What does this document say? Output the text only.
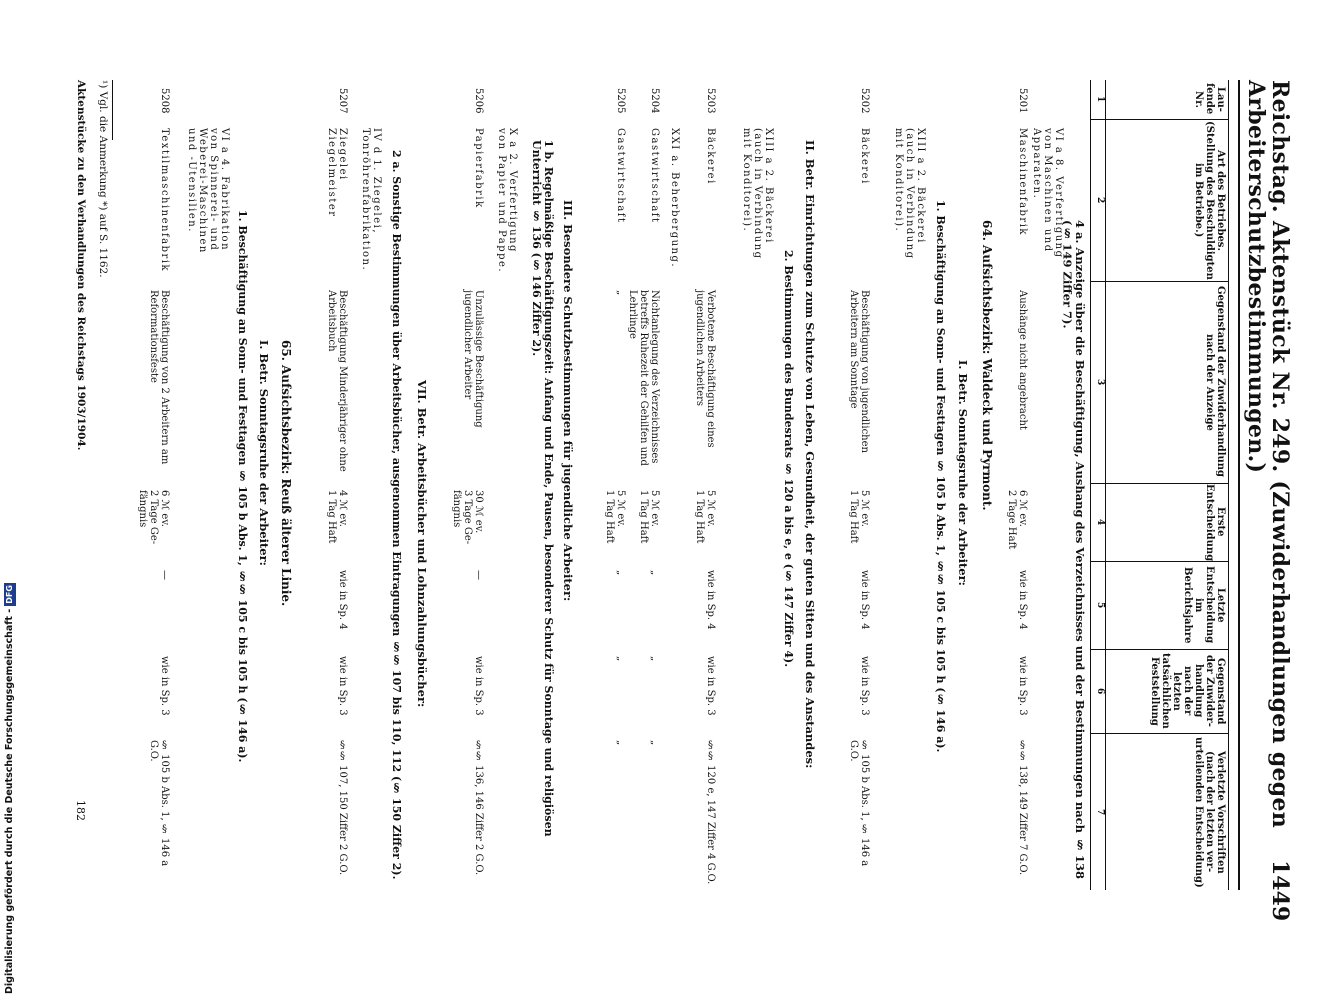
Reichstag. Aktenstück Nr. 249. (Zuwiderhandlungen gegen Arbeiterschutzbestimmungen.)
1449
Lau-
fende
Nr.
1
Art des Betriebes.
(Stellung des Beschuldigten
im Betriebe.)
2
Gegenstand der Zuwiderhandlung
nach der Anzeige
3
Erste
Entscheidung
4
Letzte
Entscheidung
im
Berichtsjahre
5
Gegenstand
der Zuwider-
handlung
nach der letzten
tatsächlichen
Feststellung
6
Verletzte Vorschriften
(nach der letzten ver-
urteilenden Entscheidung)
7
4 a. Anzeige über die Beschäftigung, Aushang des Verzeichnisses und der Bestimmungen nach § 138 (§ 149 Ziffer 7).
VI a 8. Verfertigung von Maschinen und Apparaten.
5201
Maschinenfabrik
Aushänge nicht angebracht
6 ℳ ev.
2 Tage Haft
wie in Sp. 4
wie in Sp. 3
§§ 138, 149 Ziffer 7 G.O.
64. Aufsichtsbezirk: Waldeck und Pyrmont.
I. Betr. Sonntagsruhe der Arbeiter:
1. Beschäftigung an Sonn- und Festtagen § 105 b Abs. 1, §§ 105 c bis 105 h (§ 146 a).
XIII a 2. Bäckerei (auch in Verbindung mit Konditorei).
5202
Bäckerei
Beschäftigung von jugendlichen Arbeitern am Sonntage
5 ℳ ev.
1 Tag Haft
wie in Sp. 4
wie in Sp. 3
§ 105 b Abs. 1, § 146 a G.O.
II. Betr. Einrichtungen zum Schutze von Leben, Gesundheit, der guten Sitten und des Anstandes:
2. Bestimmungen des Bundesrats § 120 a bis e, e (§ 147 Ziffer 4).
XIII a 2. Bäckerei (auch in Verbindung mit Konditorei).
5203
Bäckerei
Verbotene Beschäftigung eines jugendlichen Arbeiters
5 ℳ ev.
1 Tag Haft
wie in Sp. 4
wie in Sp. 3
§§ 120 e, 147 Ziffer 4 G.O.
XXI a. Beherbergung.
5204
Gastwirtschaft
Nichtanlegung des Verzeichnisses betreffs Ruhezeit der Gehilfen und Lehrlinge
5 ℳ ev.
1 Tag Haft
„
„
„
5205
Gastwirtschaft
„
5 ℳ ev.
1 Tag Haft
„
„
„
III. Besondere Schutzbestimmungen für jugendliche Arbeiter:
1 b. Regelmäßige Beschäftigungszeit: Anfang und Ende, Pausen, besonderer Schutz für Sonntage und religiösen Unterricht § 136 (§ 146 Ziffer 2).
X a 2. Verfertigung von Papier und Pappe.
5206
Papierfabrik
Unzulässige Beschäftigung jugendlicher Arbeiter
30 ℳ ev.
3 Tage Ge-
fängnis
—
wie in Sp. 3
§§ 136, 146 Ziffer 2 G.O.
VII. Betr. Arbeitsbücher und Lohnzahlungsbücher:
2 a. Sonstige Bestimmungen über Arbeitsbücher, ausgenommen Eintragungen §§ 107 bis 110, 112 (§ 150 Ziffer 2).
IV d 1. Ziegelei, Tonröhrenfabrikation.
5207
Ziegelei
Ziegelmeister
Beschäftigung Minderjähriger ohne Arbeitsbuch
4 ℳ ev.
1 Tag Haft
wie in Sp. 4
wie in Sp. 3
§§ 107, 150 Ziffer 2 G.O.
65. Aufsichtsbezirk: Reuß älterer Linie.
I. Betr. Sonntagsruhe der Arbeiter:
1. Beschäftigung an Sonn- und Festtagen § 105 b Abs. 1, §§ 105 c bis 105 h (§ 146 a).
VI a 4. Fabrikation von Spinnerei- und Weberei-Maschinen und -Utensilien.
5208
Textilmaschinenfabrik
Beschäftigung von 2 Arbeitern am Reformationsfeste
6 ℳ ev.
2 Tage Ge-
fängnis
—
wie in Sp. 3
§ 105 b Abs. 1, § 146 a G.O.
¹) Vgl. die Anmerkung *) auf S. 1162.
Aktenstücke zu den Verhandlungen des Reichstags 1903/1904.
182
Digitalisierung gefördert durch die Deutsche Forschungsgemeinschaft -DFG
